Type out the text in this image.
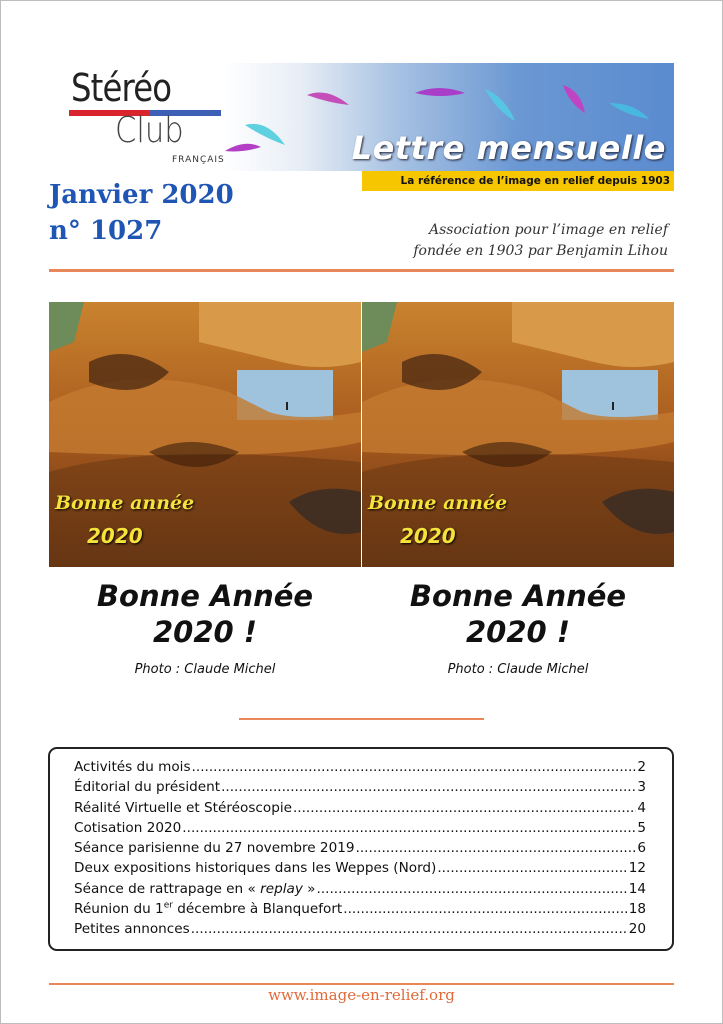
Stéréo
Club
FRANÇAIS	Lettre mensuelle
La référence de l’image en relief depuis 1903
Janvier 2020
n° 1027	Association pour l’image en relief
fondée en 1903 par Benjamin Lihou
Bonne année
2020
Bonne année
2020
Bonne Année
2020 !
Photo : Claude Michel
Bonne Année
2020 !
Photo : Claude Michel
Activités du mois .....	2
Éditorial du président .....	3
Réalité Virtuelle et Stéréoscopie .....	4
Cotisation 2020 .....	5
Séance parisienne du 27 novembre 2019 .....	6
Deux expositions historiques dans les Weppes (Nord) .....	12
Séance de rattrapage en « replay » .....	14
Réunion du 1er décembre à Blanquefort .....	18
Petites annonces .....	20
www.image-en-relief.org
